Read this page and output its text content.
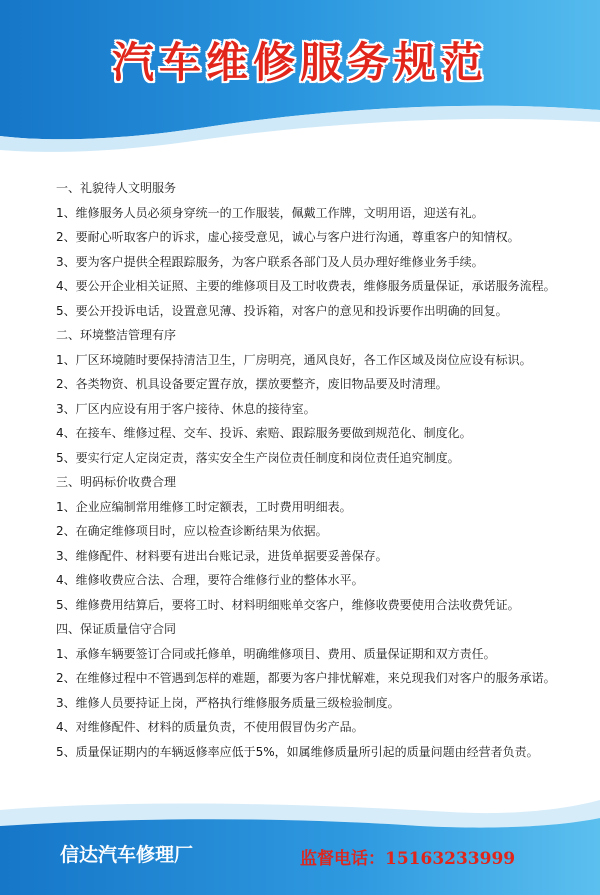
汽车维修服务规范
一、礼貌待人文明服务
1、维修服务人员必须身穿统一的工作服装，佩戴工作牌，文明用语，迎送有礼。
2、要耐心听取客户的诉求，虚心接受意见，诚心与客户进行沟通，尊重客户的知情权。
3、要为客户提供全程跟踪服务，为客户联系各部门及人员办理好维修业务手续。
4、要公开企业相关证照、主要的维修项目及工时收费表，维修服务质量保证，承诺服务流程。
5、要公开投诉电话，设置意见薄、投诉箱，对客户的意见和投诉要作出明确的回复。
二、环境整洁管理有序
1、厂区环境随时要保持清洁卫生，厂房明亮，通风良好，各工作区域及岗位应设有标识。
2、各类物资、机具设备要定置存放，摆放要整齐，废旧物品要及时清理。
3、厂区内应设有用于客户接待、休息的接待室。
4、在接车、维修过程、交车、投诉、索赔、跟踪服务要做到规范化、制度化。
5、要实行定人定岗定责，落实安全生产岗位责任制度和岗位责任追究制度。
三、明码标价收费合理
1、企业应编制常用维修工时定额表，工时费用明细表。
2、在确定维修项目时，应以检查诊断结果为依据。
3、维修配件、材料要有进出台账记录，进货单据要妥善保存。
4、维修收费应合法、合理，要符合维修行业的整体水平。
5、维修费用结算后，要将工时、材料明细账单交客户，维修收费要使用合法收费凭证。
四、保证质量信守合同
1、承修车辆要签订合同或托修单，明确维修项目、费用、质量保证期和双方责任。
2、在维修过程中不管遇到怎样的难题，都要为客户排忧解难，来兑现我们对客户的服务承诺。
3、维修人员要持证上岗，严格执行维修服务质量三级检验制度。
4、对维修配件、材料的质量负责，不使用假冒伪劣产品。
5、质量保证期内的车辆返修率应低于5%，如属维修质量所引起的质量问题由经营者负责。
信达汽车修理厂	监督电话：15163233999
